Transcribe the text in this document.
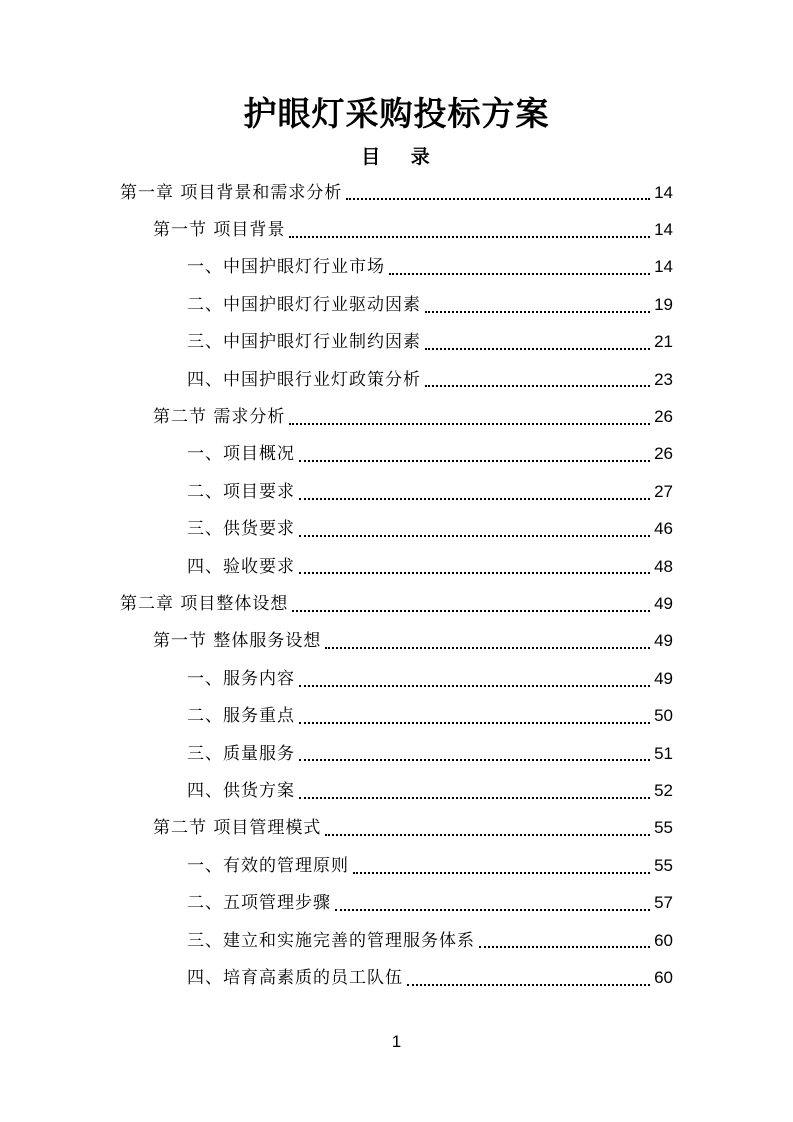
护眼灯采购投标方案
目 录
第一章 项目背景和需求分析	14
第一节 项目背景	14
一、中国护眼灯行业市场	14
二、中国护眼灯行业驱动因素	19
三、中国护眼灯行业制约因素	21
四、中国护眼行业灯政策分析	23
第二节 需求分析	26
一、项目概况	26
二、项目要求	27
三、供货要求	46
四、验收要求	48
第二章 项目整体设想	49
第一节 整体服务设想	49
一、服务内容	49
二、服务重点	50
三、质量服务	51
四、供货方案	52
第二节 项目管理模式	55
一、有效的管理原则	55
二、五项管理步骤	57
三、建立和实施完善的管理服务体系	60
四、培育高素质的员工队伍	60
1
